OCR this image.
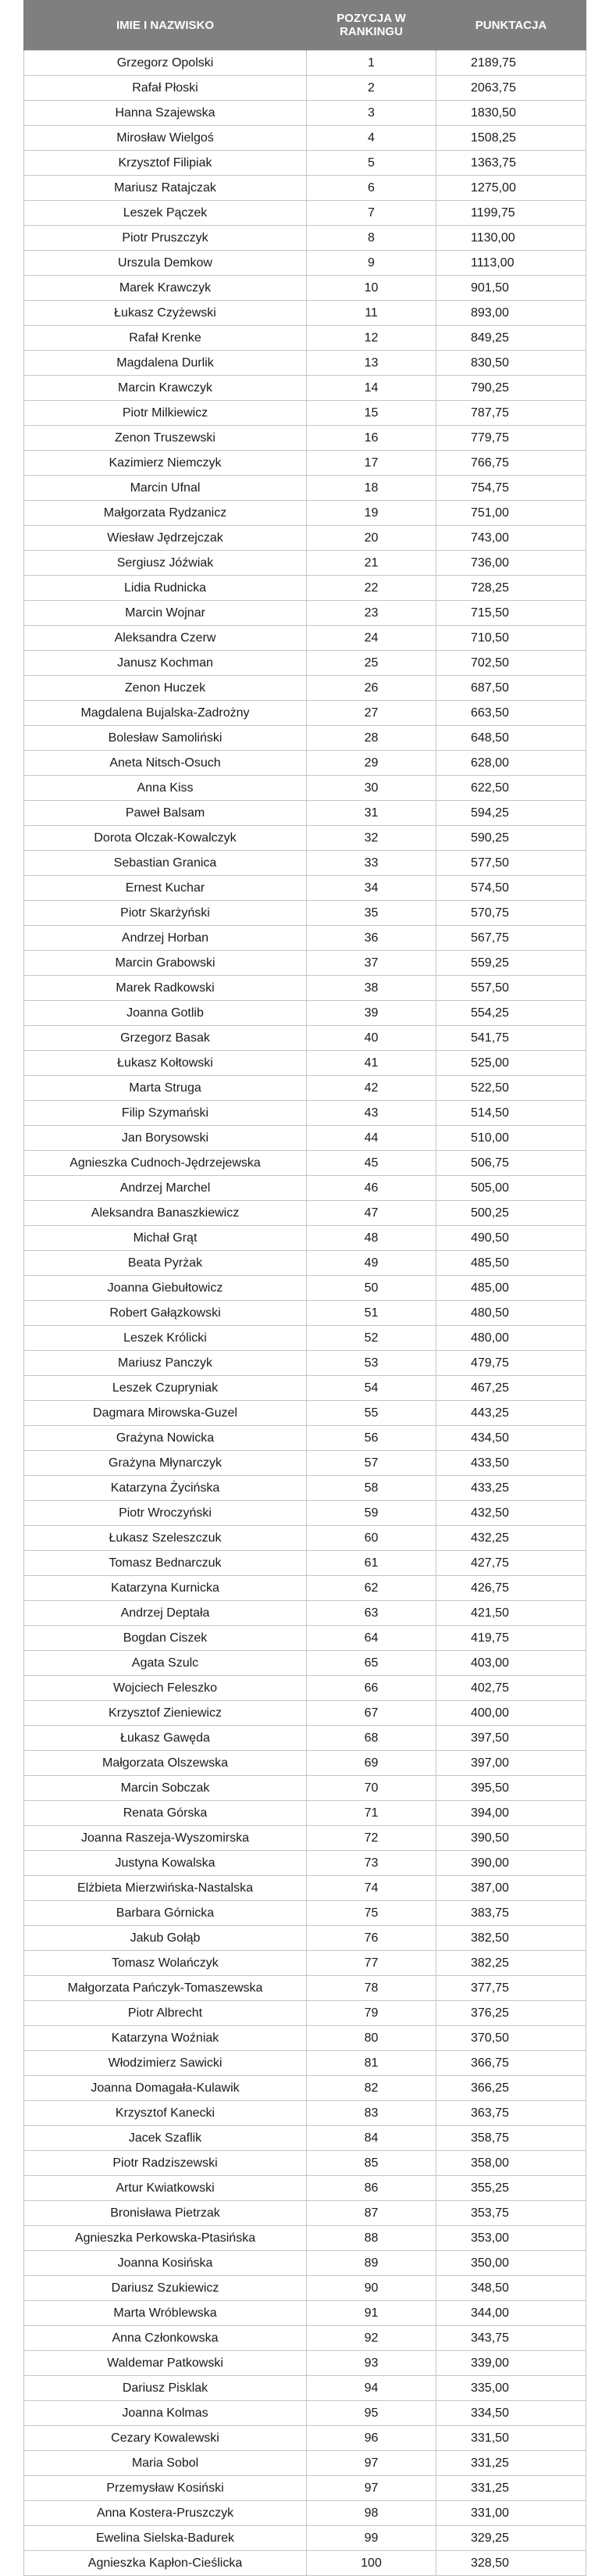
IMIE I NAZWISKO	POZYCJA W RANKINGU	PUNKTACJA
Grzegorz Opolski	1	2189,75
Rafał Płoski	2	2063,75
Hanna Szajewska	3	1830,50
Mirosław Wielgoś	4	1508,25
Krzysztof Filipiak	5	1363,75
Mariusz Ratajczak	6	1275,00
Leszek Pączek	7	1199,75
Piotr Pruszczyk	8	1130,00
Urszula Demkow	9	1113,00
Marek Krawczyk	10	901,50
Łukasz Czyżewski	11	893,00
Rafał Krenke	12	849,25
Magdalena Durlik	13	830,50
Marcin Krawczyk	14	790,25
Piotr Milkiewicz	15	787,75
Zenon Truszewski	16	779,75
Kazimierz Niemczyk	17	766,75
Marcin Ufnal	18	754,75
Małgorzata Rydzanicz	19	751,00
Wiesław Jędrzejczak	20	743,00
Sergiusz Jóźwiak	21	736,00
Lidia Rudnicka	22	728,25
Marcin Wojnar	23	715,50
Aleksandra Czerw	24	710,50
Janusz Kochman	25	702,50
Zenon Huczek	26	687,50
Magdalena Bujalska-Zadrożny	27	663,50
Bolesław Samoliński	28	648,50
Aneta Nitsch-Osuch	29	628,00
Anna Kiss	30	622,50
Paweł Balsam	31	594,25
Dorota Olczak-Kowalczyk	32	590,25
Sebastian Granica	33	577,50
Ernest Kuchar	34	574,50
Piotr Skarżyński	35	570,75
Andrzej Horban	36	567,75
Marcin Grabowski	37	559,25
Marek Radkowski	38	557,50
Joanna Gotlib	39	554,25
Grzegorz Basak	40	541,75
Łukasz Kołtowski	41	525,00
Marta Struga	42	522,50
Filip Szymański	43	514,50
Jan Borysowski	44	510,00
Agnieszka Cudnoch-Jędrzejewska	45	506,75
Andrzej Marchel	46	505,00
Aleksandra Banaszkiewicz	47	500,25
Michał Grąt	48	490,50
Beata Pyrżak	49	485,50
Joanna Giebułtowicz	50	485,00
Robert Gałązkowski	51	480,50
Leszek Królicki	52	480,00
Mariusz Panczyk	53	479,75
Leszek Czupryniak	54	467,25
Dagmara Mirowska-Guzel	55	443,25
Grażyna Nowicka	56	434,50
Grażyna Młynarczyk	57	433,50
Katarzyna Życińska	58	433,25
Piotr Wroczyński	59	432,50
Łukasz Szeleszczuk	60	432,25
Tomasz Bednarczuk	61	427,75
Katarzyna Kurnicka	62	426,75
Andrzej Deptała	63	421,50
Bogdan Ciszek	64	419,75
Agata Szulc	65	403,00
Wojciech Feleszko	66	402,75
Krzysztof Zieniewicz	67	400,00
Łukasz Gawęda	68	397,50
Małgorzata Olszewska	69	397,00
Marcin Sobczak	70	395,50
Renata Górska	71	394,00
Joanna Raszeja-Wyszomirska	72	390,50
Justyna Kowalska	73	390,00
Elżbieta Mierzwińska-Nastalska	74	387,00
Barbara Górnicka	75	383,75
Jakub Gołąb	76	382,50
Tomasz Wolańczyk	77	382,25
Małgorzata Pańczyk-Tomaszewska	78	377,75
Piotr Albrecht	79	376,25
Katarzyna Woźniak	80	370,50
Włodzimierz Sawicki	81	366,75
Joanna Domagała-Kulawik	82	366,25
Krzysztof Kanecki	83	363,75
Jacek Szaflik	84	358,75
Piotr Radziszewski	85	358,00
Artur Kwiatkowski	86	355,25
Bronisława Pietrzak	87	353,75
Agnieszka Perkowska-Ptasińska	88	353,00
Joanna Kosińska	89	350,00
Dariusz Szukiewicz	90	348,50
Marta Wróblewska	91	344,00
Anna Członkowska	92	343,75
Waldemar Patkowski	93	339,00
Dariusz Pisklak	94	335,00
Joanna Kolmas	95	334,50
Cezary Kowalewski	96	331,50
Maria Sobol	97	331,25
Przemysław Kosiński	97	331,25
Anna Kostera-Pruszczyk	98	331,00
Ewelina Sielska-Badurek	99	329,25
Agnieszka Kapłon-Cieślicka	100	328,50
